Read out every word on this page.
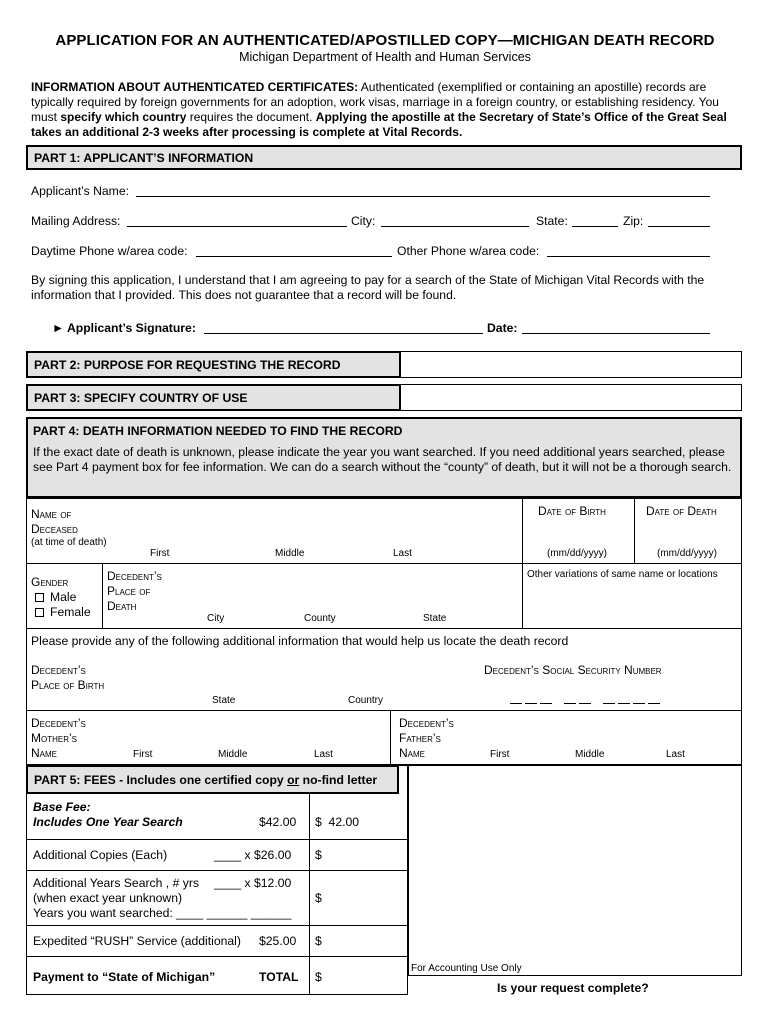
APPLICATION FOR AN AUTHENTICATED/APOSTILLED COPY—MICHIGAN DEATH RECORD
Michigan Department of Health and Human Services
INFORMATION ABOUT AUTHENTICATED CERTIFICATES: Authenticated (exemplified or containing an apostille) records are typically required by foreign governments for an adoption, work visas, marriage in a foreign country, or establishing residency. You must specify which country requires the document. Applying the apostille at the Secretary of State’s Office of the Great Seal takes an additional 2-3 weeks after processing is complete at Vital Records.
PART 1: APPLICANT’S INFORMATION
Applicant’s Name:
Mailing Address:	City:	State:	Zip:
Daytime Phone w/area code:	Other Phone w/area code:
By signing this application, I understand that I am agreeing to pay for a search of the State of Michigan Vital Records with the information that I provided. This does not guarantee that a record will be found.
► Applicant’s Signature:	Date:
PART 2: PURPOSE FOR REQUESTING THE RECORD
PART 3: SPECIFY COUNTRY OF USE
PART 4: DEATH INFORMATION NEEDED TO FIND THE RECORD
If the exact date of death is unknown, please indicate the year you want searched. If you need additional years searched, please see Part 4 payment box for fee information. We can do a search without the “county” of death, but it will not be a thorough search.
Name of
Deceased
(at time of death)
First	Middle	Last
Date of Birth
(mm/dd/yyyy)
Date of Death
(mm/dd/yyyy)
Gender
Male
Female
Decedent’s
Place of
Death
City	County	State
Other variations of same name or locations
Please provide any of the following additional information that would help us locate the death record
Decedent’s
Place of Birth
State	Country
Decedent’s Social Security Number
Decedent’s
Mother’s
Name	First	Middle	Last
Decedent’s
Father’s
Name	First	Middle	Last
PART 5: FEES - Includes one certified copy or no-find letter
Base Fee:
Includes One Year Search	$42.00 $  42.00
Additional Copies (Each)	____ x $26.00 $
Additional Years Search , # yrs ____ x $12.00
(when exact year unknown)
Years you want searched: ____ ______ ______
$
Expedited “RUSH” Service (additional) $25.00 $
Payment to “State of Michigan”	TOTAL $
For Accounting Use Only
Is your request complete?
